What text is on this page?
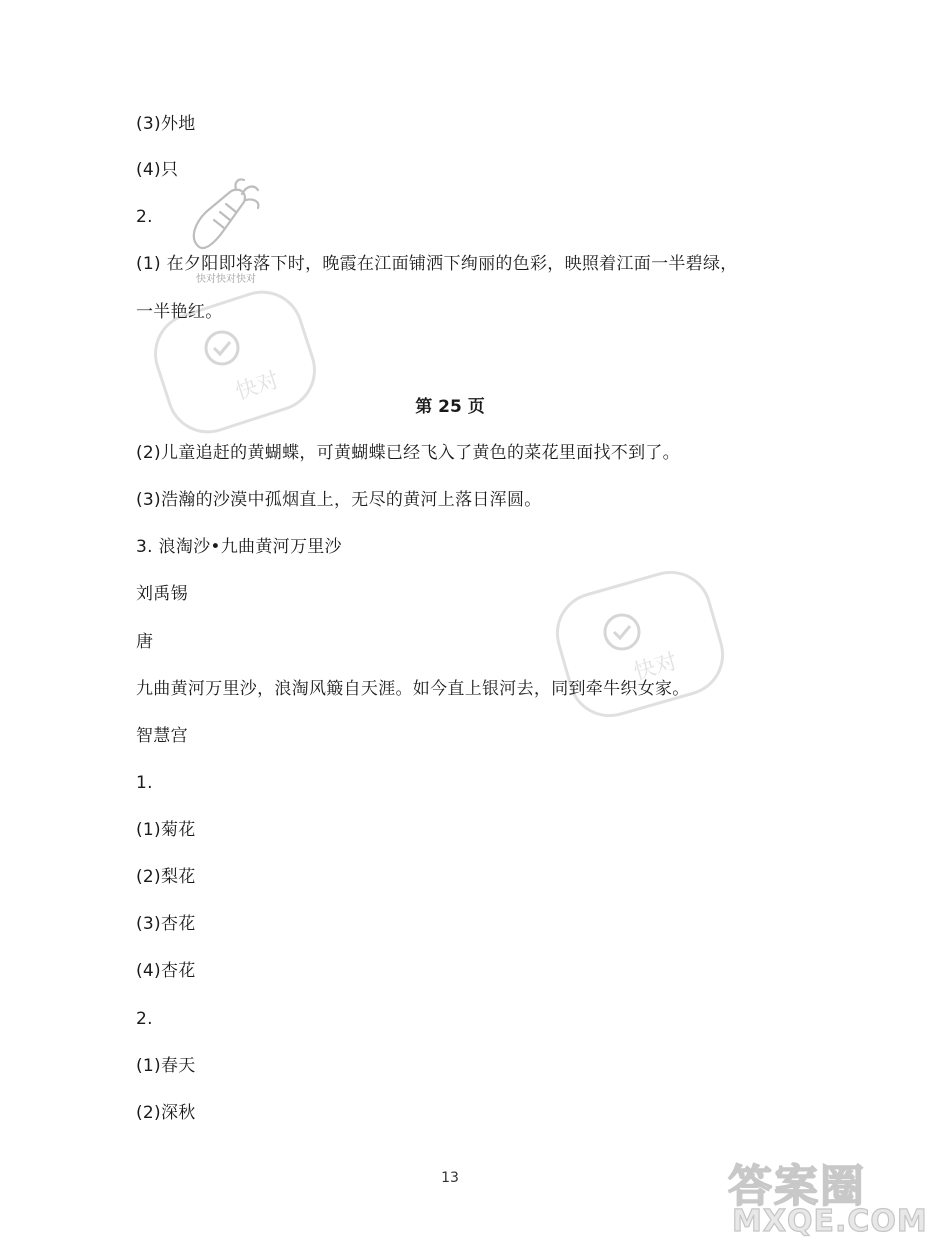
快对快对快对
快对
快对
(3)外地
(4)只
2.
(1) 在夕阳即将落下时，晚霞在江面铺洒下绚丽的色彩，映照着江面一半碧绿，
一半艳红。
第 25 页
(2)儿童追赶的黄蝴蝶，可黄蝴蝶已经飞入了黄色的菜花里面找不到了。
(3)浩瀚的沙漠中孤烟直上，无尽的黄河上落日浑圆。
3. 浪淘沙•九曲黄河万里沙
刘禹锡
唐
九曲黄河万里沙，浪淘风簸自天涯。如今直上银河去，同到牵牛织女家。
智慧宫
1.
(1)菊花
(2)梨花
(3)杏花
(4)杏花
2.
(1)春天
(2)深秋
13	答案圈
MXQE.COM
